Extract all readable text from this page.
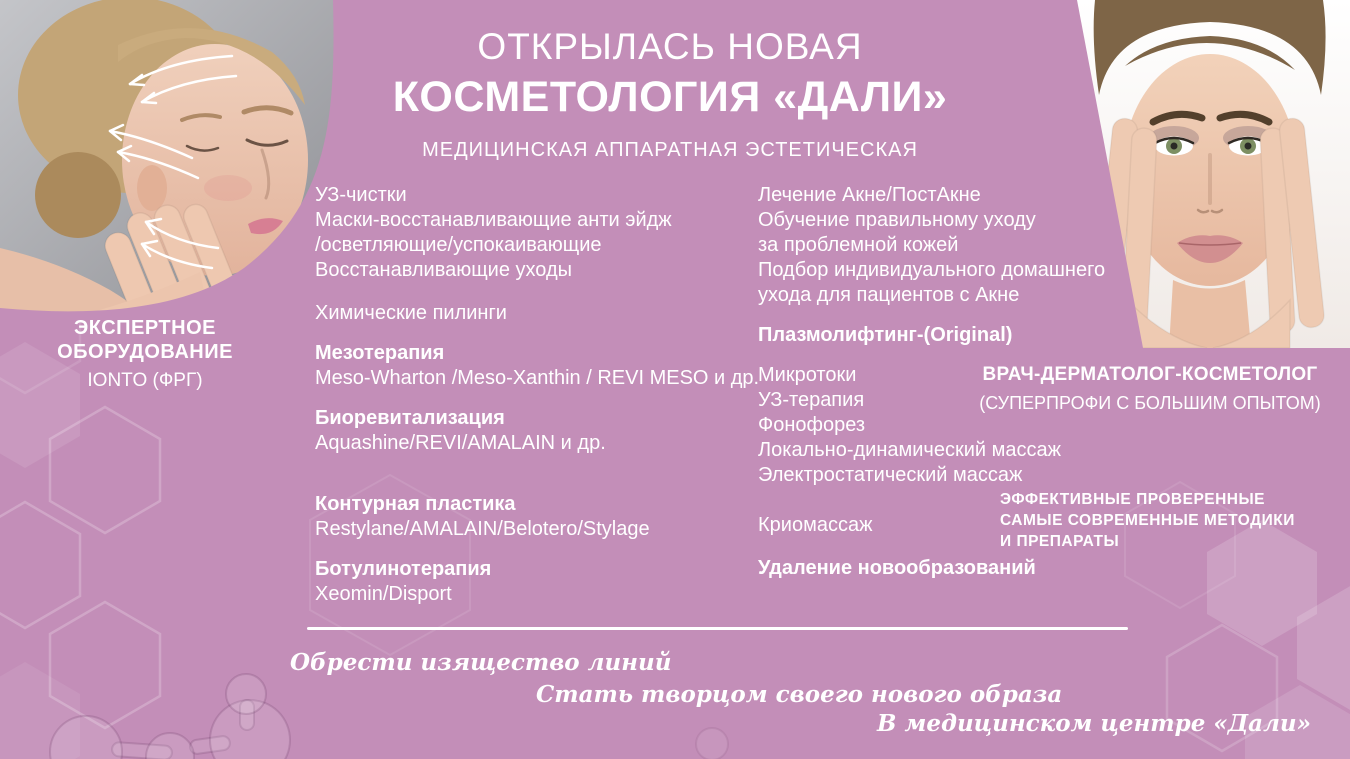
ОТКРЫЛАСЬ НОВАЯ
КОСМЕТОЛОГИЯ «ДАЛИ»
МЕДИЦИНСКАЯ АППАРАТНАЯ ЭСТЕТИЧЕСКАЯ
УЗ-чистки
Маски-восстанавливающие анти эйдж
/осветляющие/успокаивающие
Восстанавливающие уходы
Химические пилинги
Мезотерапия
Meso-Wharton /Meso-Xanthin / REVI MESO и др.
Биоревитализация
Aquashine/REVI/AMALAIN и др.
Контурная пластика
Restylane/AMALAIN/Belotero/Stylage
Ботулинотерапия
Xeomin/Disport
Лечение Акне/ПостАкне
Обучение правильному уходу
за проблемной кожей
Подбор индивидуального домашнего
ухода для пациентов с Акне
Плазмолифтинг-(Original)
Микротоки
УЗ-терапия
Фонофорез
Локально-динамический массаж
Электростатический массаж
Криомассаж
Удаление новообразований
ЭКСПЕРТНОЕ
ОБОРУДОВАНИЕ
IONTO (ФРГ)	ВРАЧ-ДЕРМАТОЛОГ-КОСМЕТОЛОГ
(СУПЕРПРОФИ С БОЛЬШИМ ОПЫТОМ)
ЭФФЕКТИВНЫЕ ПРОВЕРЕННЫЕ
САМЫЕ СОВРЕМЕННЫЕ МЕТОДИКИ
И ПРЕПАРАТЫ
Обрести изящество линий
Стать творцом своего нового образа
В медицинском центре «Дали»
